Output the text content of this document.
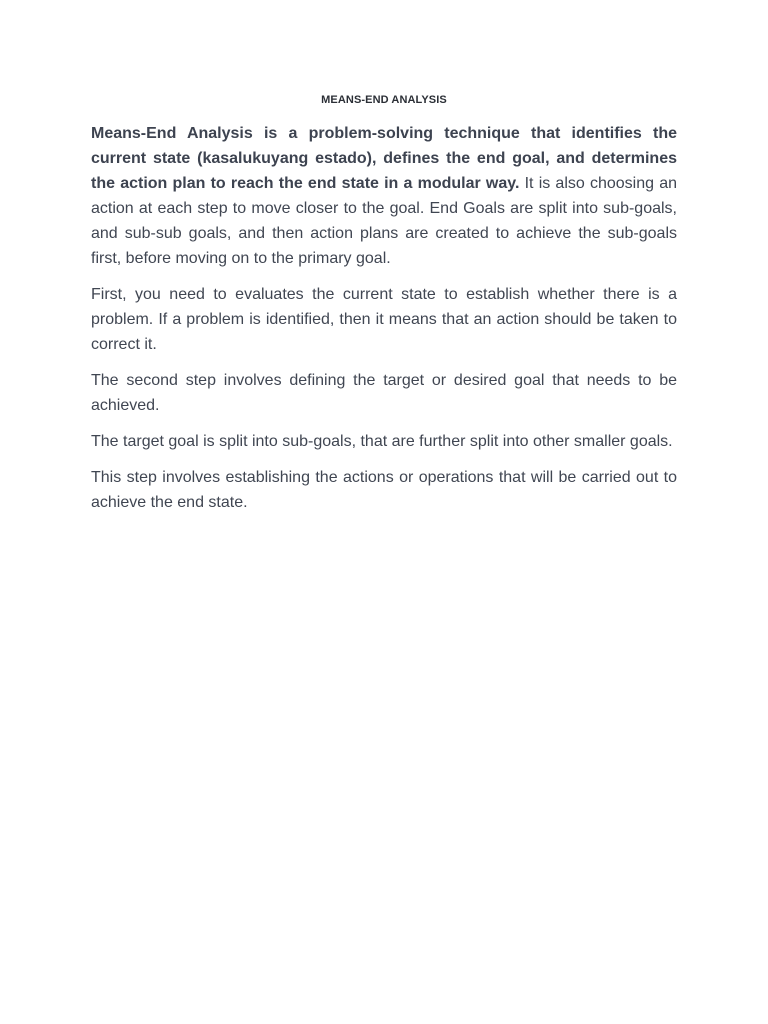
MEANS-END ANALYSIS

Means-End Analysis is a problem-solving technique that identifies the current state (kasalukuyang estado), defines the end goal, and determines the action plan to reach the end state in a modular way. It is also choosing an action at each step to move closer to the goal. End Goals are split into sub-goals, and sub-sub goals, and then action plans are created to achieve the sub-goals first, before moving on to the primary goal.

First, you need to evaluates the current state to establish whether there is a problem. If a problem is identified, then it means that an action should be taken to correct it.

The second step involves defining the target or desired goal that needs to be achieved.

The target goal is split into sub-goals, that are further split into other smaller goals.

This step involves establishing the actions or operations that will be carried out to achieve the end state.
